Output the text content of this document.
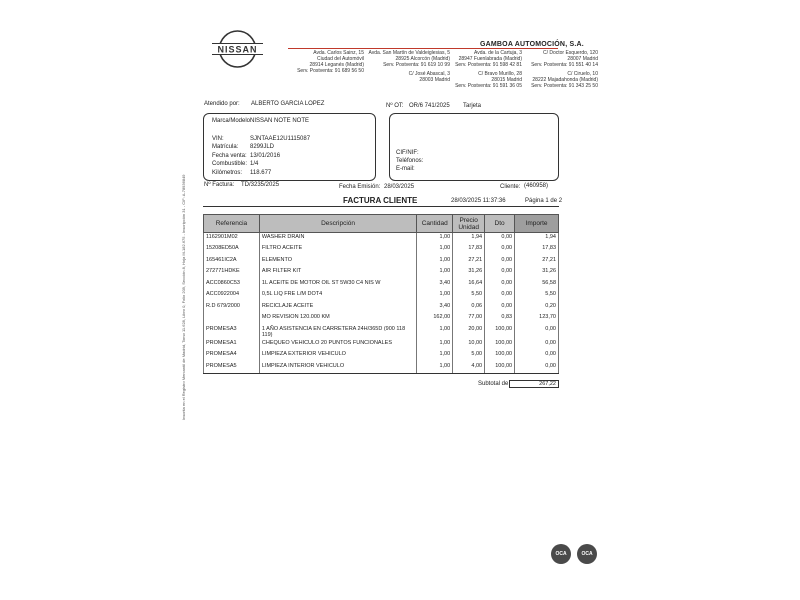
NISSAN	GAMBOA AUTOMOCIÓN, S.A.
Avda. Carlos Sainz, 15
Ciudad del Automóvil
28914 Leganés (Madrid)
Serv. Postventa: 91 689 56 50
Avda. San Martín de Valdeiglesias, 5
28925 Alcorcón (Madrid)
Serv. Postventa: 91 619 10 99
C/ José Abascal, 3
28003 Madrid
Avda. de la Cartuja, 3
28947 Fuenlabrada (Madrid)
Serv. Postventa: 91 598 42 81
C/ Bravo Murillo, 28
28015 Madrid
Serv. Postventa: 91 591 36 05
C/ Doctor Esquerdo, 120
28007 Madrid
Serv. Postventa: 91 551 40 14
C/ Ciruelo, 10
28222 Majadahonda (Madrid)
Serv. Postventa: 91 343 25 50
Atendido por: ALBERTO GARCIA LOPEZ	Nº OT: OR/6 741/2025 Tarjeta
Marca/Modelo:
NISSAN NOTE NOTE
VIN:	SJNTAAE12U1115087
Matrícula: 8299JLD
Fecha venta: 13/01/2016
Combustible: 1/4
Kilómetros: 118.677
CIF/NIF:
Teléfonos:
E-mail:
Nº Factura: TD/3235/2025	Fecha Emisión: 28/03/2025	Cliente: (460958)
FACTURA CLIENTE	28/03/2025 11:37:36	Página 1 de 2
Inscrita en el Registro Mercantil de Madrid, Tomo 11.628, Libro 0, Folio 209, Sección 8, Hoja M-182.675 - Inscripción 31 - CIF: A-78936849	Referencia	Descripción	Cantidad	Precio Unidad	Dto	Importe
1162901M02	WASHER DRAIN	1,00	1,94	0,00	1,94
15208ED50A	FILTRO ACEITE	1,00	17,83	0,00	17,83
165461IC2A	ELEMENTO	1,00	27,21	0,00	27,21
272771HDKE	AIR FILTER KIT	1,00	31,26	0,00	31,26
ACC0860C53	1L ACEITE DE MOTOR OIL ST 5W30 C4 NIS W	3,40	16,64	0,00	56,58
ACC0922004	0,5L LIQ FRE L/M DOT4	1,00	5,50	0,00	5,50
R.D 679/2000	RECICLAJE ACEITE	3,40	0,06	0,00	0,20
	MO REVISION 120.000 KM	162,00	77,00	0,83	123,70
PROMESA3	1 AÑO ASISTENCIA EN CARRETERA 24H/365D (900 118 119)	1,00	20,00	100,00	0,00
PROMESA1	CHEQUEO VEHICULO 20 PUNTOS FUNCIONALES	1,00	10,00	100,00	0,00
PROMESA4	LIMPIEZA EXTERIOR VEHICULO	1,00	5,00	100,00	0,00
PROMESA5	LIMPIEZA INTERIOR VEHICULO	1,00	4,00	100,00	0,00
Subtotal de	267,22
OCA	OCA
